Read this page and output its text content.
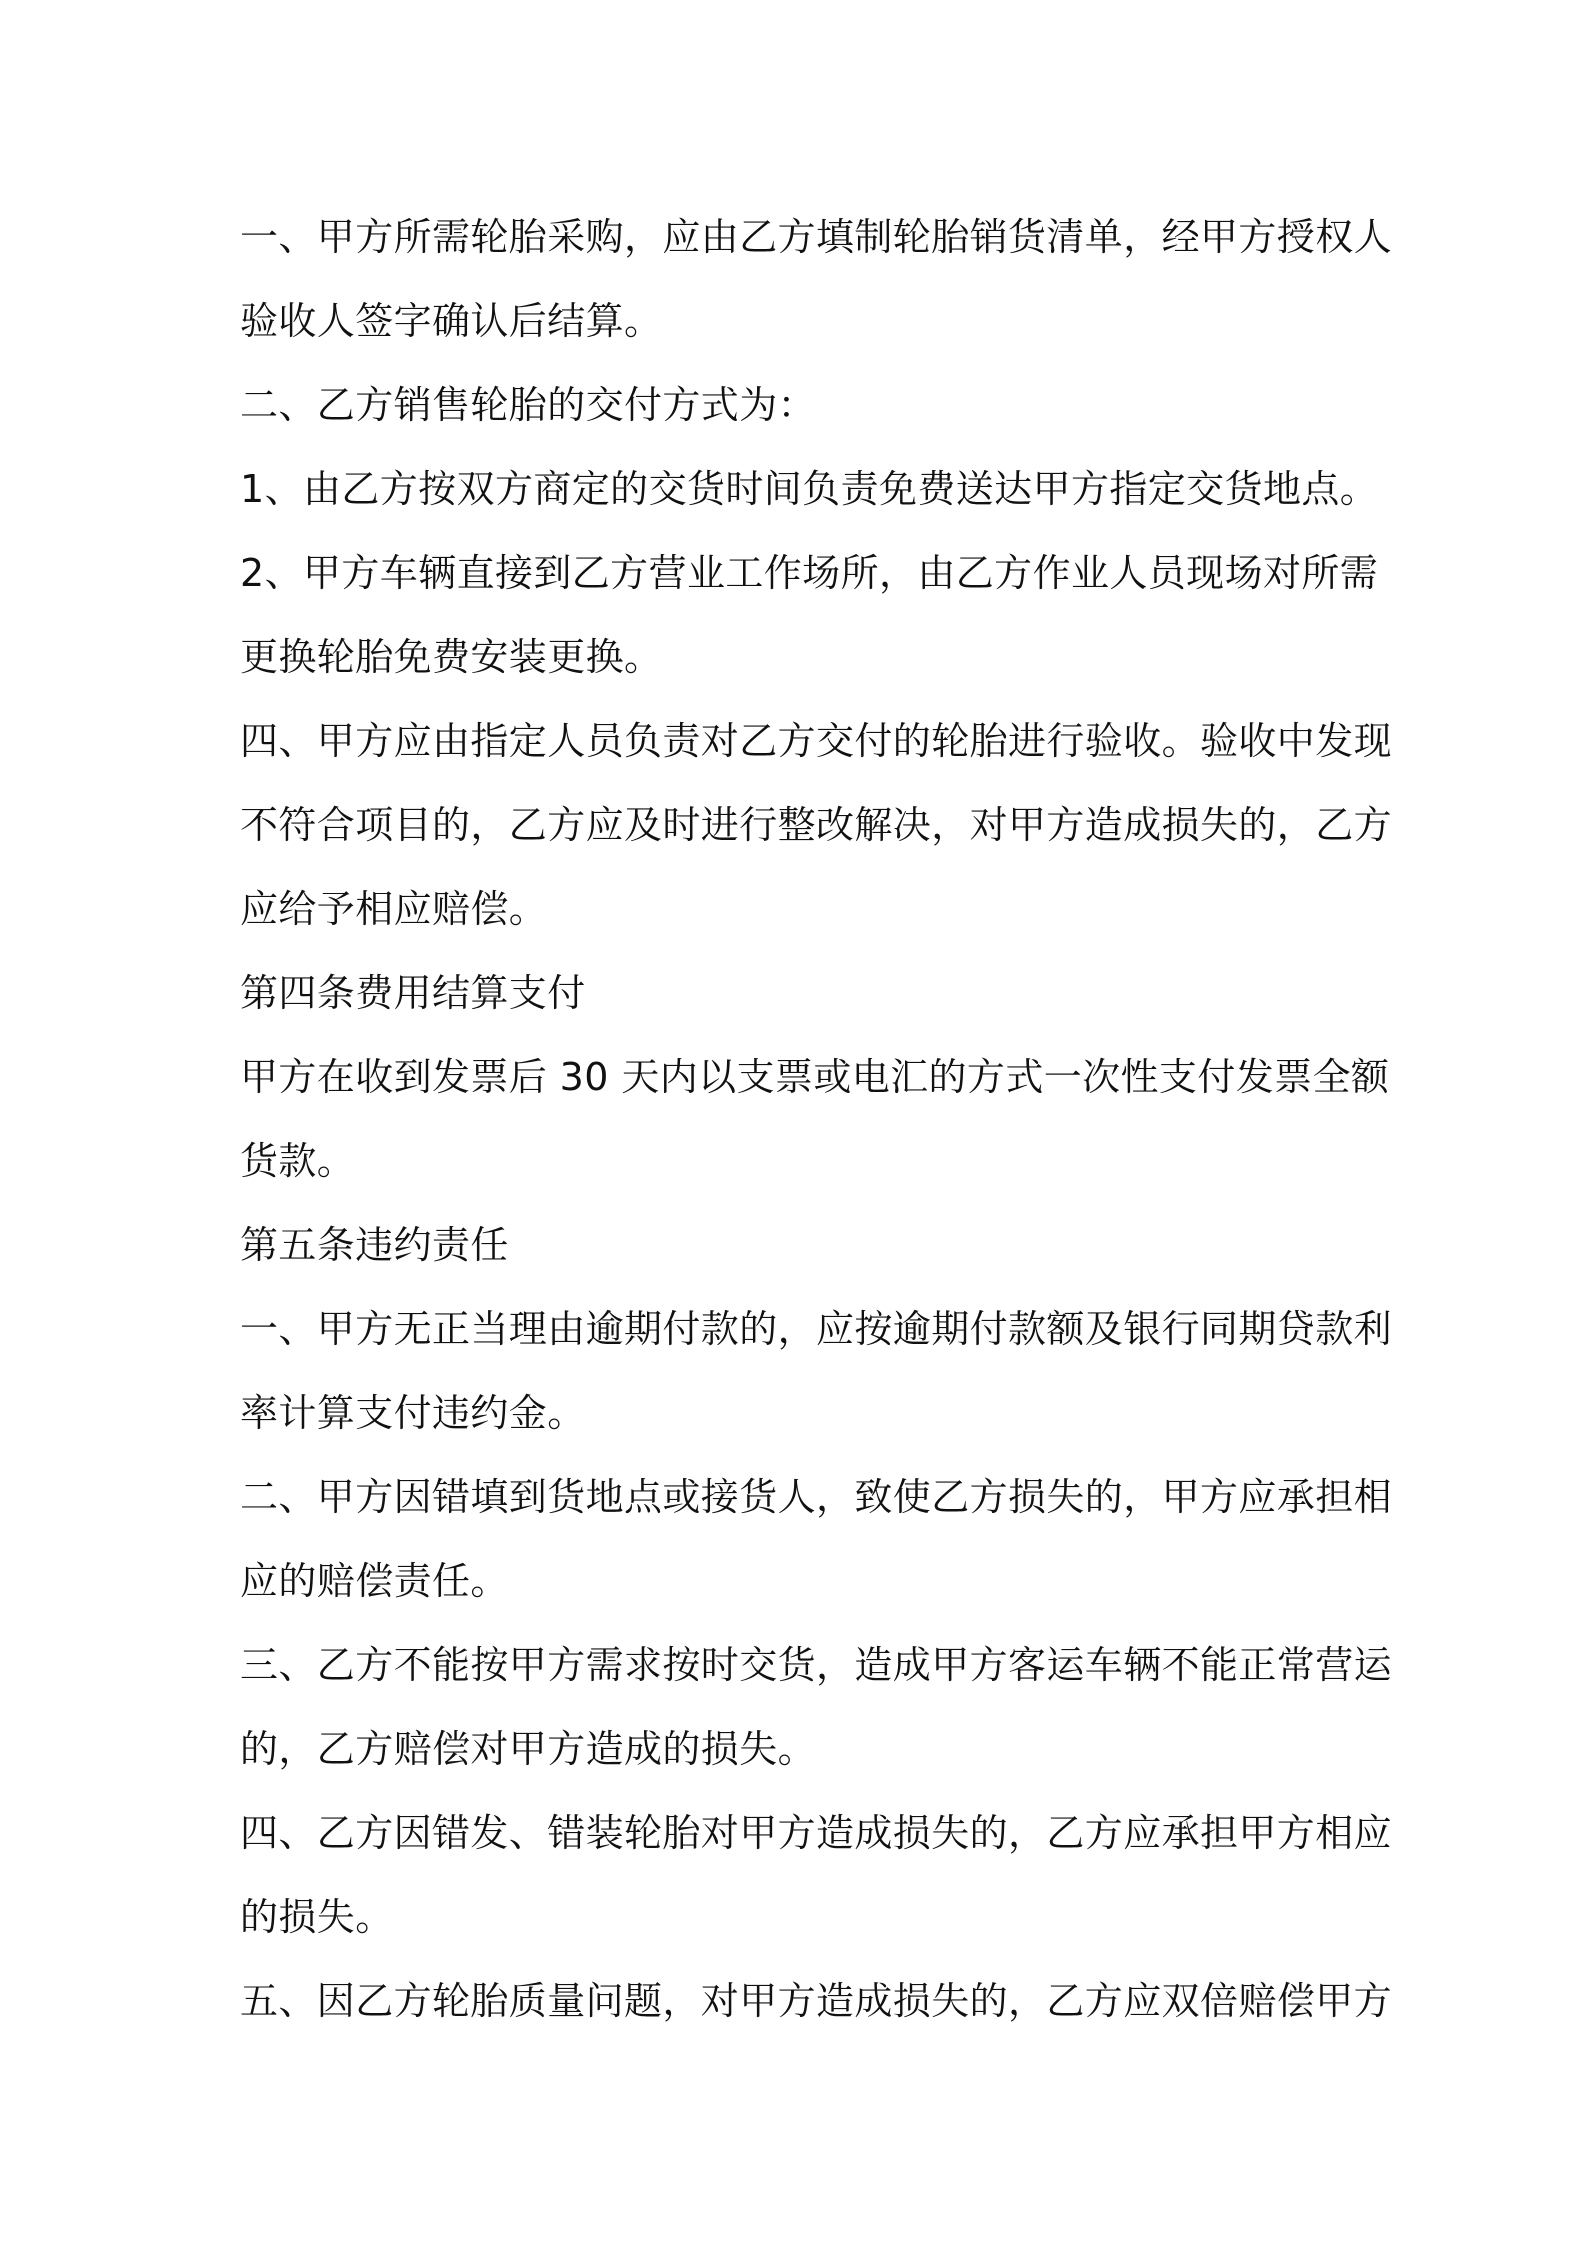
一、甲方所需轮胎采购，应由乙方填制轮胎销货清单，经甲方授权人
验收人签字确认后结算。

二、乙方销售轮胎的交付方式为：

1、由乙方按双方商定的交货时间负责免费送达甲方指定交货地点。

2、甲方车辆直接到乙方营业工作场所，由乙方作业人员现场对所需
更换轮胎免费安装更换。

四、甲方应由指定人员负责对乙方交付的轮胎进行验收。验收中发现
不符合项目的，乙方应及时进行整改解决，对甲方造成损失的，乙方
应给予相应赔偿。

第四条费用结算支付

甲方在收到发票后 30 天内以支票或电汇的方式一次性支付发票全额
货款。

第五条违约责任

一、甲方无正当理由逾期付款的，应按逾期付款额及银行同期贷款利
率计算支付违约金。

二、甲方因错填到货地点或接货人，致使乙方损失的，甲方应承担相
应的赔偿责任。

三、乙方不能按甲方需求按时交货，造成甲方客运车辆不能正常营运
的，乙方赔偿对甲方造成的损失。

四、乙方因错发、错装轮胎对甲方造成损失的，乙方应承担甲方相应
的损失。

五、因乙方轮胎质量问题，对甲方造成损失的，乙方应双倍赔偿甲方
